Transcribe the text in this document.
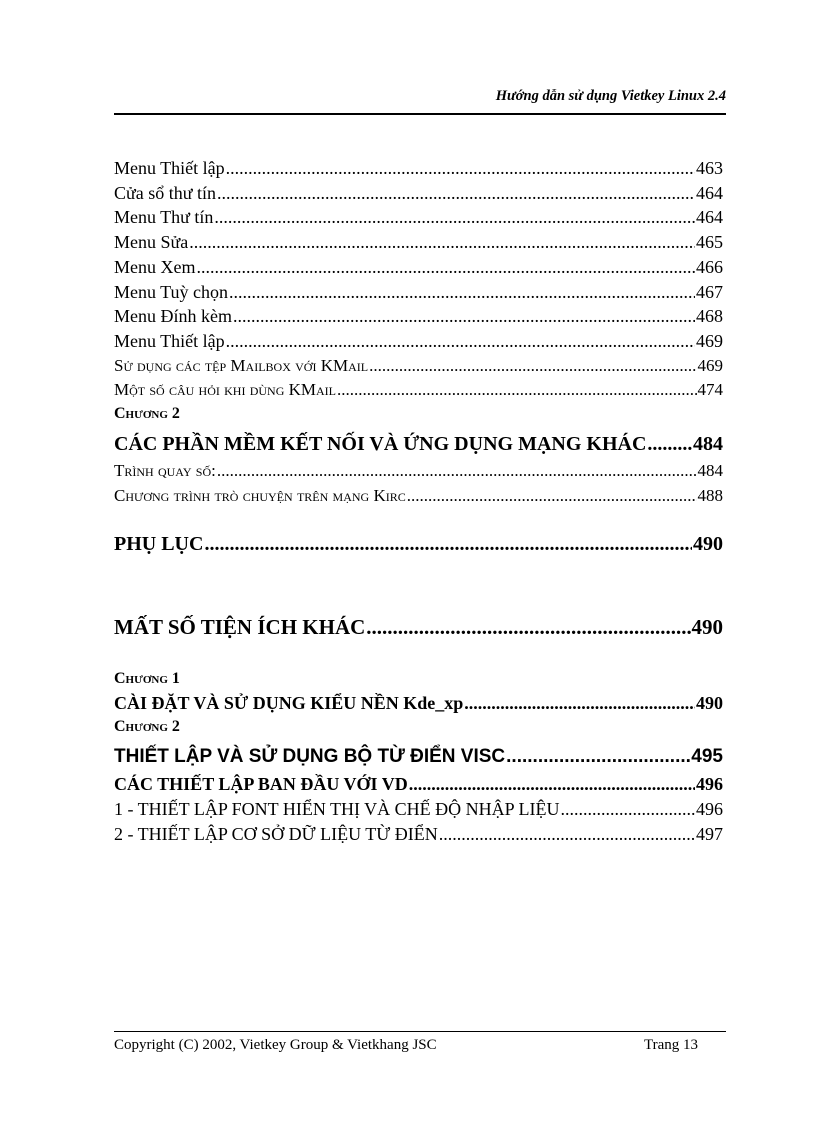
Hướng dẫn sử dụng Vietkey Linux 2.4
Menu Thiết lập .....	463
Cửa sổ thư tín .....	464
Menu Thư tín .....	464
Menu Sửa .....	465
Menu Xem .....	466
Menu Tuỳ chọn .....	467
Menu Đính kèm .....	468
Menu Thiết lập .....	469
Sử dụng các tệp Mailbox với KMail .....	469
Một số câu hỏi khi dùng KMail .....	474
Chương 2
CÁC PHẦN MỀM KẾT NỐI VÀ ỨNG DỤNG MẠNG KHÁC ..... 484
Trình quay số: .....	484
Chương trình trò chuyện trên mạng Kirc .....	488
PHỤ LỤC .....	490
MẤT SỐ TIỆN ÍCH KHÁC .....	490
Chương 1
CÀI ĐẶT VÀ SỬ DỤNG KIỂU NỀN Kde_xp .....	490
Chương 2
THIẾT LẬP VÀ SỬ DỤNG BỘ TỪ ĐIỂN VISC .....	495
CÁC THIẾT LẬP BAN ĐẦU VỚI VD .....	496
1 - THIẾT LẬP FONT HIỂN THỊ VÀ CHẾ ĐỘ NHẬP LIỆU .....	496
2 - THIẾT LẬP CƠ SỞ DỮ LIỆU TỪ ĐIỂN .....	497
Copyright (C) 2002, Vietkey Group & Vietkhang JSC	Trang 13
